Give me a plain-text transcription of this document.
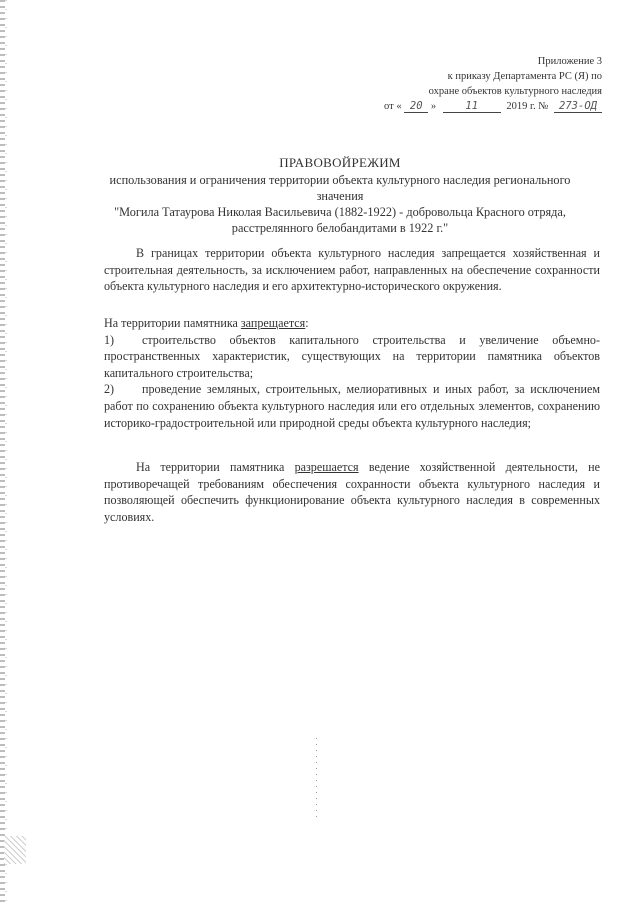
Приложение 3
к приказу Департамента РС (Я) по
охране объектов культурного наследия
от « 20 »	11	2019 г. № 273-ОД
ПРАВОВОЙРЕЖИМ
использования и ограничения территории объекта культурного наследия регионального
значения
"Могила Татаурова Николая Васильевича (1882-1922) - добровольца Красного отряда,
расстрелянного белобандитами в 1922 г."
В границах территории объекта культурного наследия запрещается хозяйственная и строительная деятельность, за исключением работ, направленных на обеспечение сохранности объекта культурного наследия и его архитектурно-исторического окружения.

На территории памятника запрещается:

1) строительство объектов капитального строительства и увеличение объемно-пространственных характеристик, существующих на территории памятника объектов капитального строительства;

2) проведение земляных, строительных, мелиоративных и иных работ, за исключением работ по сохранению объекта культурного наследия или его отдельных элементов, сохранению историко-градостроительной или природной среды объекта культурного наследия;

На территории памятника разрешается ведение хозяйственной деятельности, не противоречащей требованиям обеспечения сохранности объекта культурного наследия и позволяющей обеспечить функционирование объекта культурного наследия в современных условиях.
